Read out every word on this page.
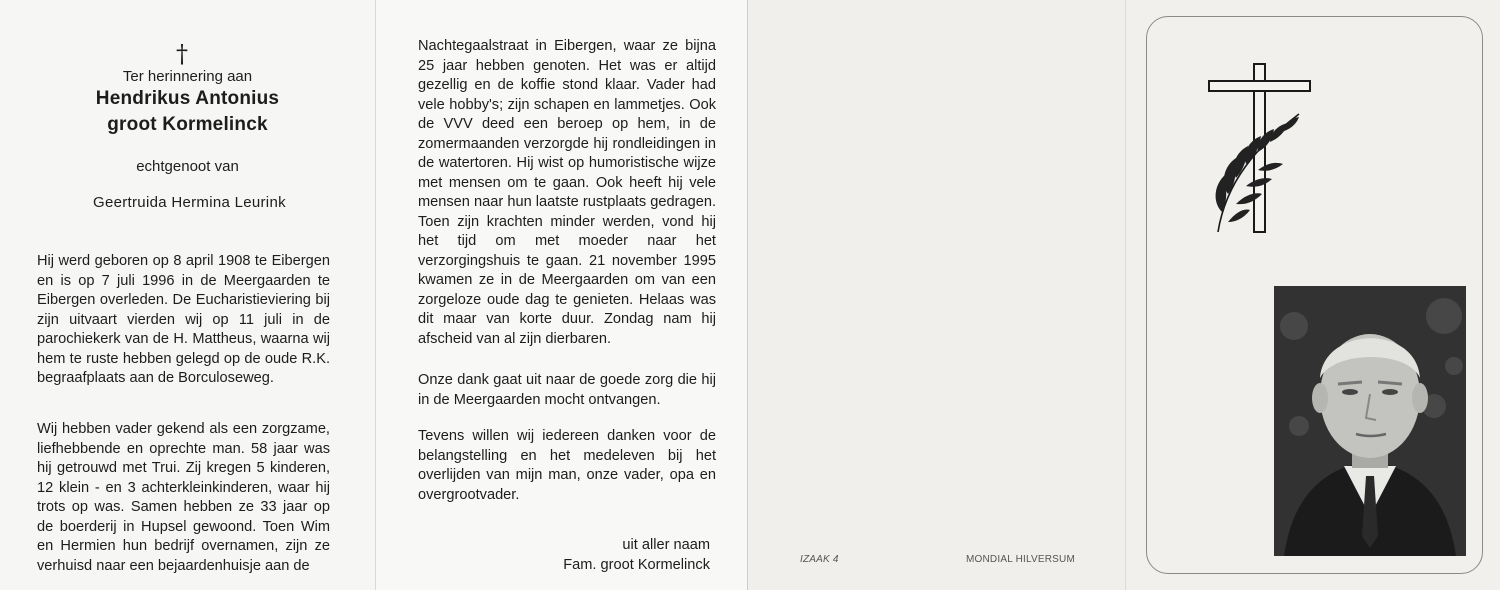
†
Ter herinnering aan
Hendrikus Antonius
groot Kormelinck
echtgenoot van
Geertruida Hermina Leurink

Hij werd geboren op 8 april 1908 te Eibergen en is op 7 juli 1996 in de Meergaarden te Eibergen overleden. De Eucharistieviering bij zijn uitvaart vierden wij op 11 juli in de parochiekerk van de H. Mattheus, waarna wij hem te ruste hebben gelegd op de oude R.K. begraafplaats aan de Borculoseweg.

Wij hebben vader gekend als een zorgzame, liefhebbende en oprechte man. 58 jaar was hij getrouwd met Trui. Zij kregen 5 kinderen, 12 klein - en 3 achterkleinkinderen, waar hij trots op was. Samen hebben ze 33 jaar op de boerderij in Hupsel gewoond. Toen Wim en Hermien hun bedrijf overnamen, zijn ze verhuisd naar een bejaardenhuisje aan de

Nachtegaalstraat in Eibergen, waar ze bijna 25 jaar hebben genoten. Het was er altijd gezellig en de koffie stond klaar. Vader had vele hobby's; zijn schapen en lammetjes. Ook de VVV deed een beroep op hem, in de zomermaanden verzorgde hij rondleidingen in de watertoren. Hij wist op humoristische wijze met mensen om te gaan. Ook heeft hij vele mensen naar hun laatste rustplaats gedragen. Toen zijn krachten minder werden, vond hij het tijd om met moeder naar het verzorgingshuis te gaan. 21 november 1995 kwamen ze in de Meergaarden om van een zorgeloze oude dag te genieten. Helaas was dit maar van korte duur. Zondag nam hij afscheid van al zijn dierbaren.

Onze dank gaat uit naar de goede zorg die hij in de Meergaarden mocht ontvangen.

Tevens willen wij iedereen danken voor de belangstelling en het medeleven bij het overlijden van mijn man, onze vader, opa en overgrootvader.

uit aller naam
Fam. groot Kormelinck	IZAAK 4	MONDIAL HILVERSUM
